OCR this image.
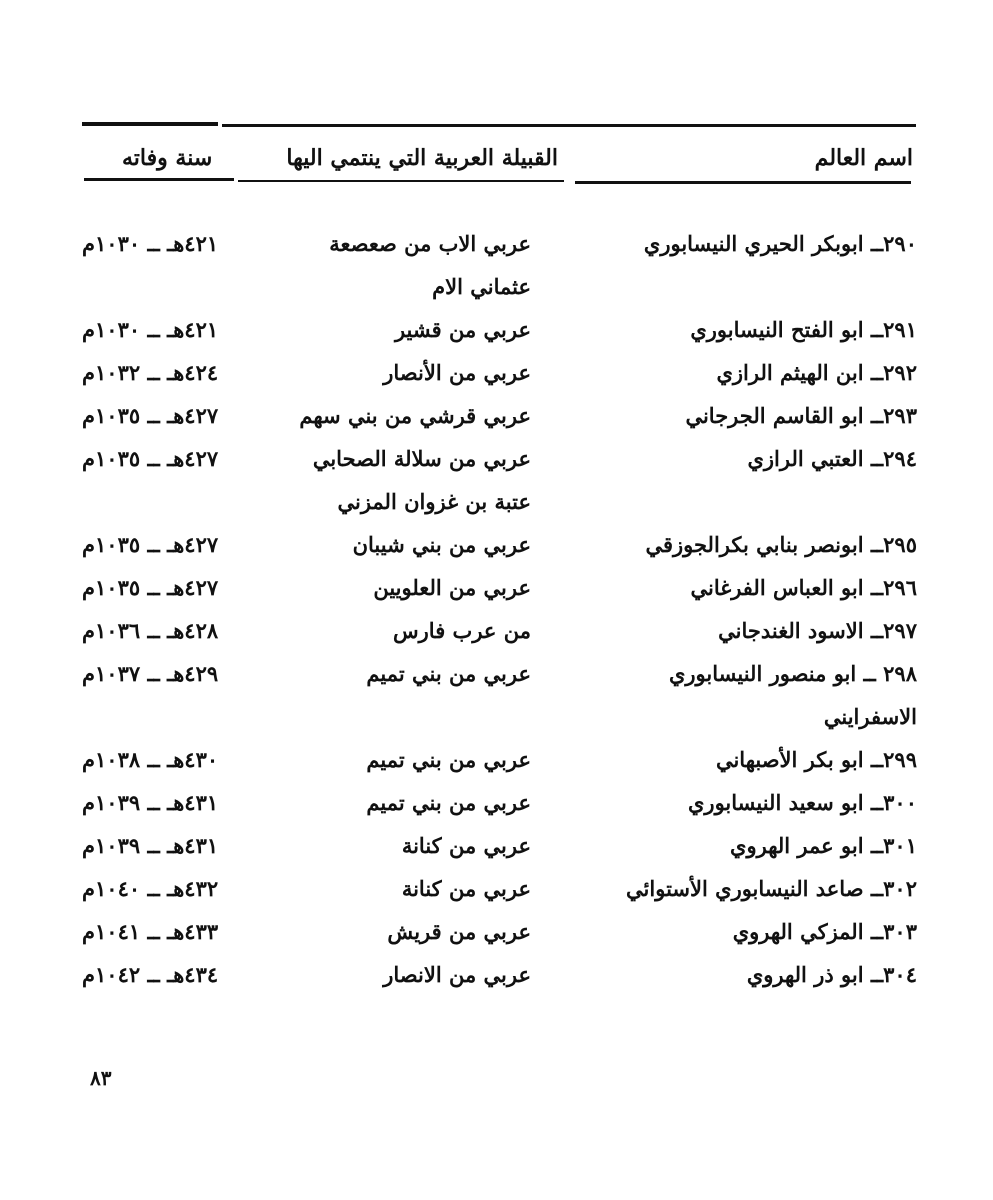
اسم العالم
القبيلة العربية التي ينتمي اليها
سنة وفاته
٢٩٠ــ ابوبكر الحيري النيسابوري
عربي الاب من صعصعة
٤٢١هـ ــ ١٠٣٠م
عثماني الام
٢٩١ــ ابو الفتح النيسابوري
عربي من قشير
٤٢١هـ ــ ١٠٣٠م
٢٩٢ــ ابن الهيثم الرازي
عربي من الأنصار
٤٢٤هـ ــ ١٠٣٢م
٢٩٣ــ ابو القاسم الجرجاني
عربي قرشي من بني سهم
٤٢٧هـ ــ ١٠٣٥م
٢٩٤ــ العتبي الرازي
عربي من سلالة الصحابي
٤٢٧هـ ــ ١٠٣٥م
عتبة بن غزوان المزني
٢٩٥ــ ابونصر بنابي بكرالجوزقي
عربي من بني شيبان
٤٢٧هـ ــ ١٠٣٥م
٢٩٦ــ ابو العباس الفرغاني
عربي من العلويين
٤٢٧هـ ــ ١٠٣٥م
٢٩٧ــ الاسود الغندجاني
من عرب فارس
٤٢٨هـ ــ ١٠٣٦م
٢٩٨ ــ ابو منصور النيسابوري
عربي من بني تميم
٤٢٩هـ ــ ١٠٣٧م
الاسفرايني
٢٩٩ــ ابو بكر الأصبهاني
عربي من بني تميم
٤٣٠هـ ــ ١٠٣٨م
٣٠٠ــ ابو سعيد النيسابوري
عربي من بني تميم
٤٣١هـ ــ ١٠٣٩م
٣٠١ــ ابو عمر الهروي
عربي من كنانة
٤٣١هـ ــ ١٠٣٩م
٣٠٢ــ صاعد النيسابوري الأستوائي
عربي من كنانة
٤٣٢هـ ــ ١٠٤٠م
٣٠٣ــ المزكي الهروي
عربي من قريش
٤٣٣هـ ــ ١٠٤١م
٣٠٤ــ ابو ذر الهروي
عربي من الانصار
٤٣٤هـ ــ ١٠٤٢م
٨٣
